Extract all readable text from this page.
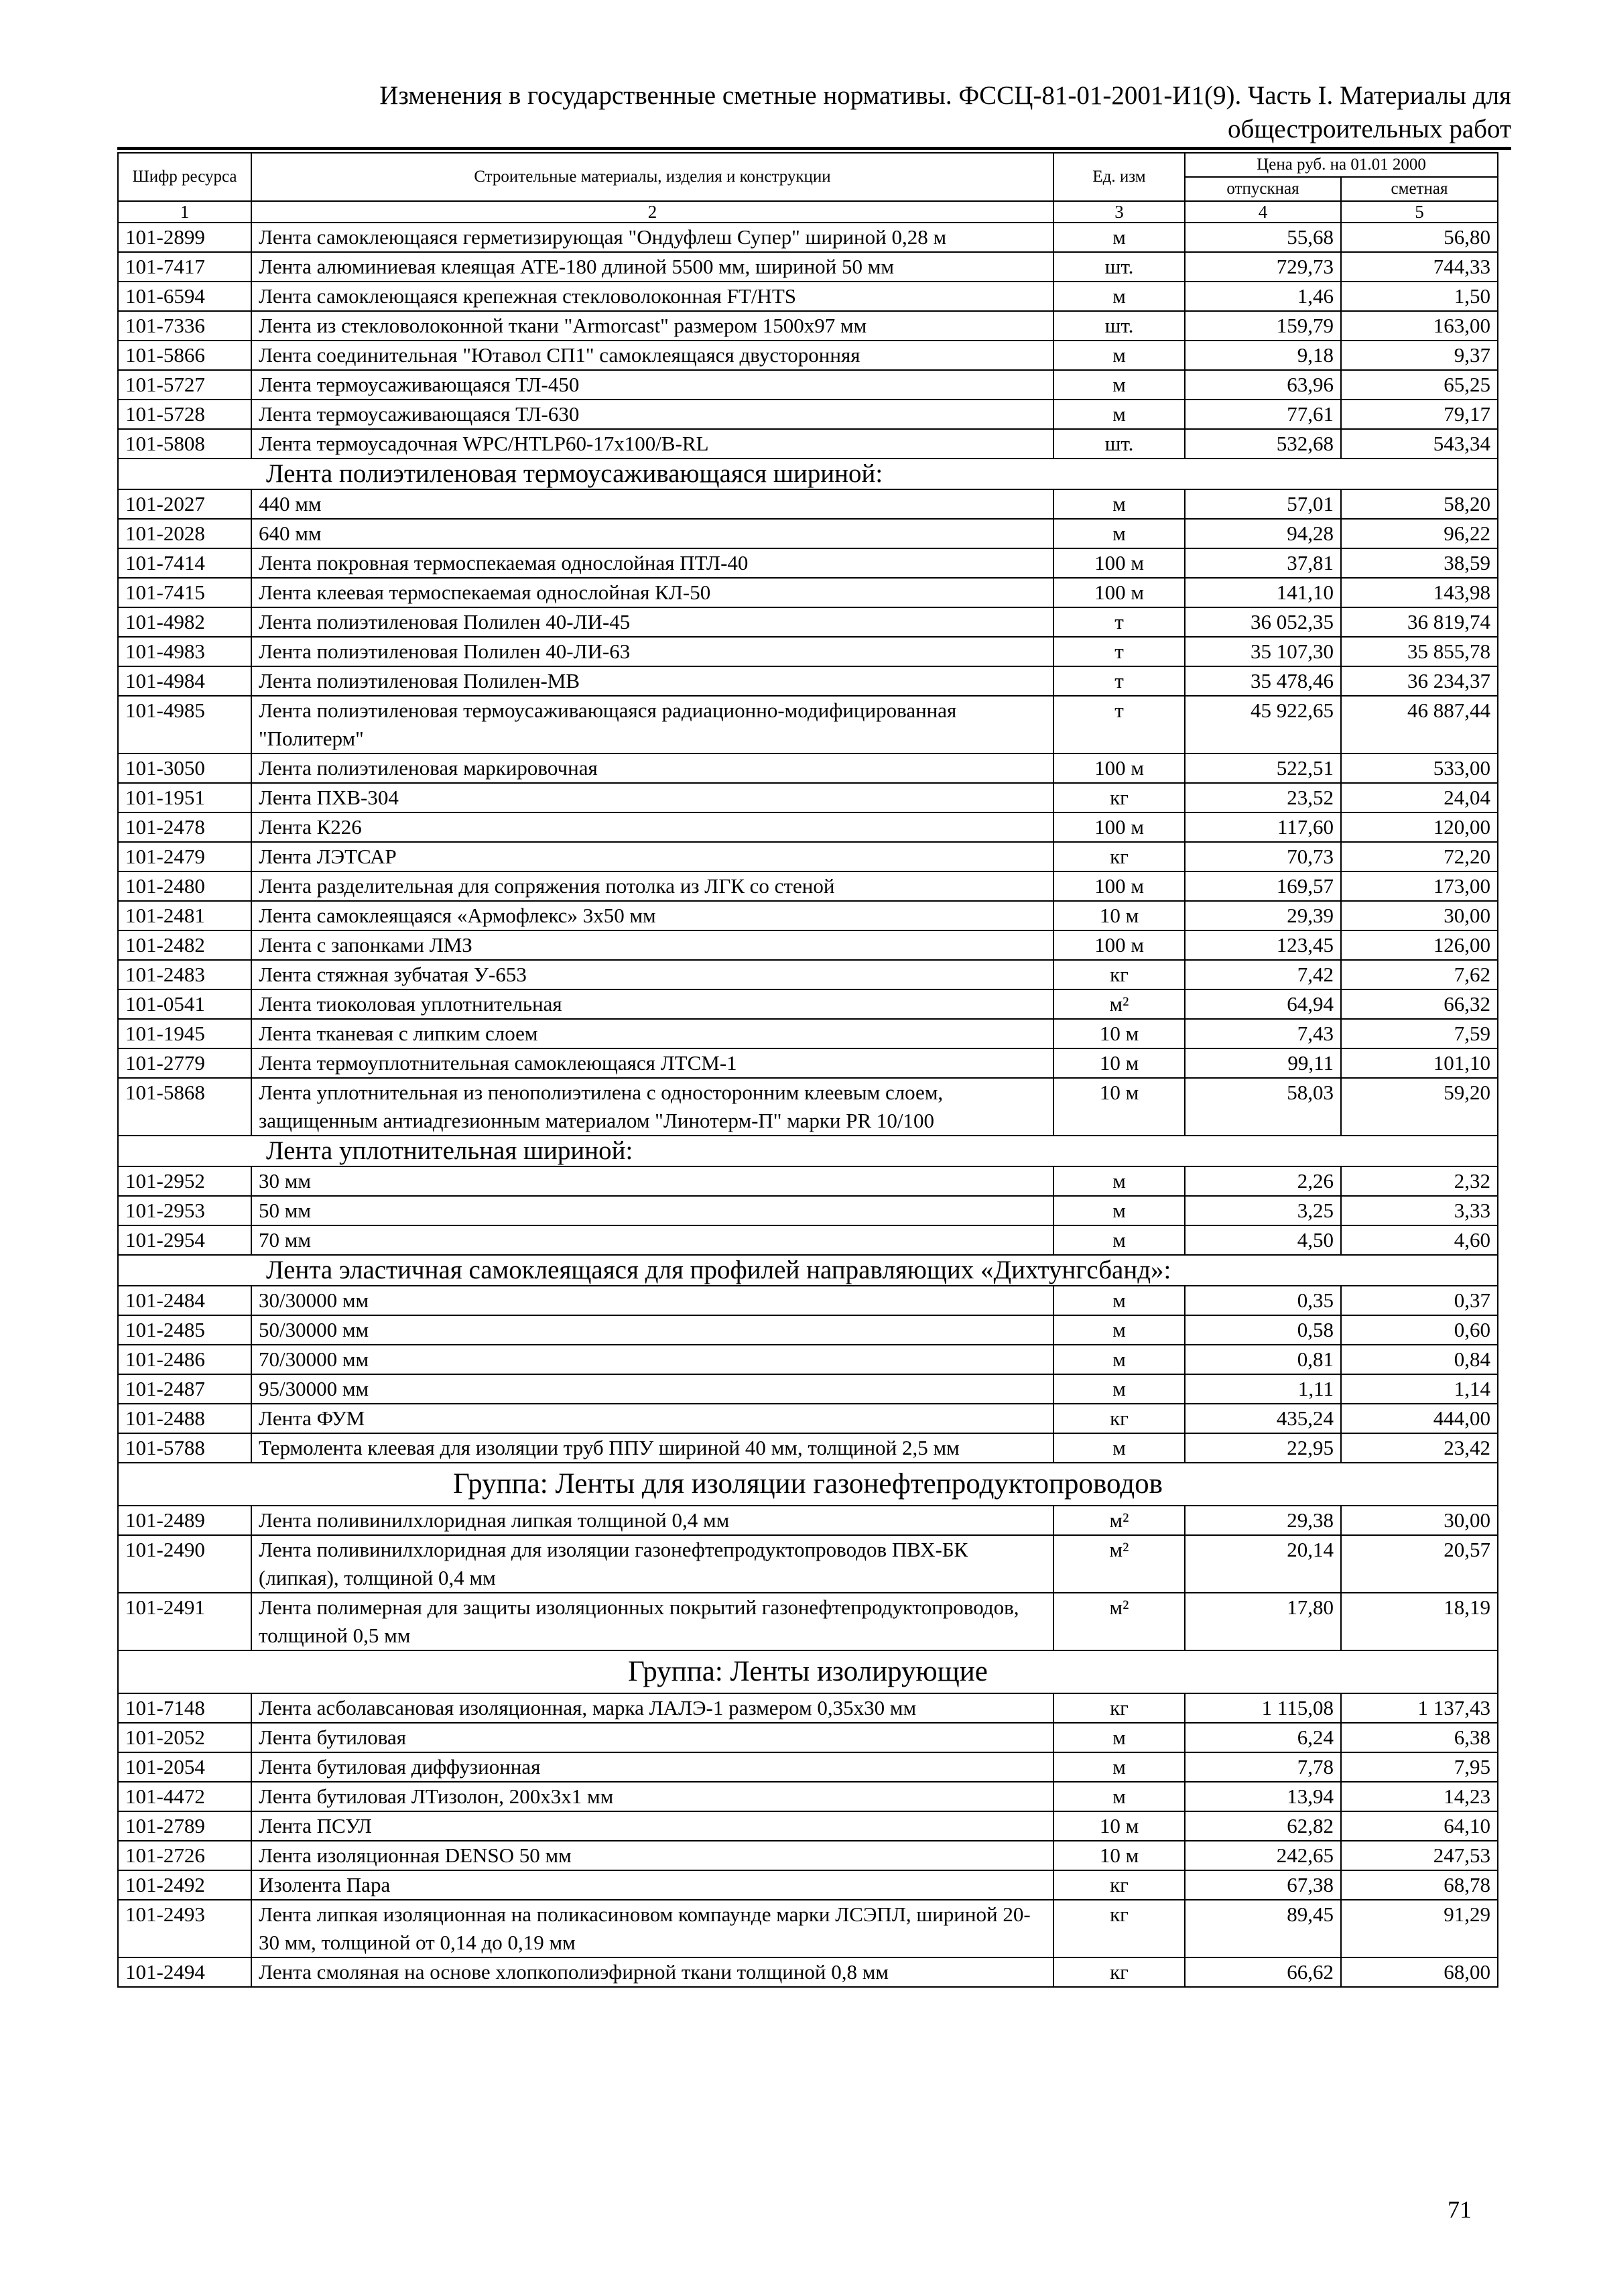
Изменения в государственные сметные нормативы. ФССЦ-81-01-2001-И1(9). Часть I. Материалы для
общестроительных работ
Шифр ресурса	Строительные материалы, изделия и конструкции	Ед. изм	Цена руб. на 01.01 2000	
			отпускная	сметная
1	2	3	4	5
101-2899	Лента самоклеющаяся герметизирующая "Ондуфлеш Супер" шириной 0,28 м	м	55,68	56,80
101-7417	Лента алюминиевая клеящая АТЕ-180 длиной 5500 мм, шириной 50 мм	шт.	729,73	744,33
101-6594	Лента самоклеющаяся крепежная стекловолоконная FT/HTS	м	1,46	1,50
101-7336	Лента из стекловолоконной ткани "Armorcast" размером 1500x97 мм	шт.	159,79	163,00
101-5866	Лента соединительная "Ютавол СП1" самоклеящаяся двусторонняя	м	9,18	9,37
101-5727	Лента термоусаживающаяся ТЛ-450	м	63,96	65,25
101-5728	Лента термоусаживающаяся ТЛ-630	м	77,61	79,17
101-5808	Лента термоусадочная WPC/HTLP60-17x100/B-RL	шт.	532,68	543,34
Лента полиэтиленовая термоусаживающаяся шириной:				
101-2027	440 мм	м	57,01	58,20
101-2028	640 мм	м	94,28	96,22
101-7414	Лента покровная термоспекаемая однослойная ПТЛ-40	100 м	37,81	38,59
101-7415	Лента клеевая термоспекаемая однослойная КЛ-50	100 м	141,10	143,98
101-4982	Лента полиэтиленовая Полилен 40-ЛИ-45	т	36 052,35	36 819,74
101-4983	Лента полиэтиленовая Полилен 40-ЛИ-63	т	35 107,30	35 855,78
101-4984	Лента полиэтиленовая Полилен-МВ	т	35 478,46	36 234,37
101-4985	Лента полиэтиленовая термоусаживающаяся радиационно-модифицированная "Политерм"	т	45 922,65	46 887,44
101-3050	Лента полиэтиленовая маркировочная	100 м	522,51	533,00
101-1951	Лента ПХВ-304	кг	23,52	24,04
101-2478	Лента К226	100 м	117,60	120,00
101-2479	Лента ЛЭТСАР	кг	70,73	72,20
101-2480	Лента разделительная для сопряжения потолка из ЛГК со стеной	100 м	169,57	173,00
101-2481	Лента самоклеящаяся «Армофлекс» 3x50 мм	10 м	29,39	30,00
101-2482	Лента с запонками ЛМЗ	100 м	123,45	126,00
101-2483	Лента стяжная зубчатая У-653	кг	7,42	7,62
101-0541	Лента тиоколовая уплотнительная	м²	64,94	66,32
101-1945	Лента тканевая с липким слоем	10 м	7,43	7,59
101-2779	Лента термоуплотнительная самоклеющаяся ЛТСМ-1	10 м	99,11	101,10
101-5868	Лента уплотнительная из пенополиэтилена с односторонним клеевым слоем, защищенным антиадгезионным материалом "Линотерм-П" марки PR 10/100	10 м	58,03	59,20
Лента уплотнительная шириной:				
101-2952	30 мм	м	2,26	2,32
101-2953	50 мм	м	3,25	3,33
101-2954	70 мм	м	4,50	4,60
Лента эластичная самоклеящаяся для профилей направляющих «Дихтунгсбанд»:				
101-2484	30/30000 мм	м	0,35	0,37
101-2485	50/30000 мм	м	0,58	0,60
101-2486	70/30000 мм	м	0,81	0,84
101-2487	95/30000 мм	м	1,11	1,14
101-2488	Лента ФУМ	кг	435,24	444,00
101-5788	Термолента клеевая для изоляции труб ППУ шириной 40 мм, толщиной 2,5 мм	м	22,95	23,42
Группа: Ленты для изоляции газонефтепродуктопроводов				
101-2489	Лента поливинилхлоридная липкая толщиной 0,4 мм	м²	29,38	30,00
101-2490	Лента поливинилхлоридная для изоляции газонефтепродуктопроводов ПВХ-БК (липкая), толщиной 0,4 мм	м²	20,14	20,57
101-2491	Лента полимерная для защиты изоляционных покрытий газонефтепродуктопроводов, толщиной 0,5 мм	м²	17,80	18,19
Группа: Ленты изолирующие				
101-7148	Лента асболавсановая изоляционная, марка ЛАЛЭ-1 размером 0,35x30 мм	кг	1 115,08	1 137,43
101-2052	Лента бутиловая	м	6,24	6,38
101-2054	Лента бутиловая диффузионная	м	7,78	7,95
101-4472	Лента бутиловая ЛТизолон, 200x3x1 мм	м	13,94	14,23
101-2789	Лента ПСУЛ	10 м	62,82	64,10
101-2726	Лента изоляционная DENSO 50 мм	10 м	242,65	247,53
101-2492	Изолента Пара	кг	67,38	68,78
101-2493	Лента липкая изоляционная на поликасиновом компаунде марки ЛСЭПЛ, шириной 20-30 мм, толщиной от 0,14 до 0,19 мм	кг	89,45	91,29
101-2494	Лента смоляная на основе хлопкополиэфирной ткани толщиной 0,8 мм	кг	66,62	68,00
71
